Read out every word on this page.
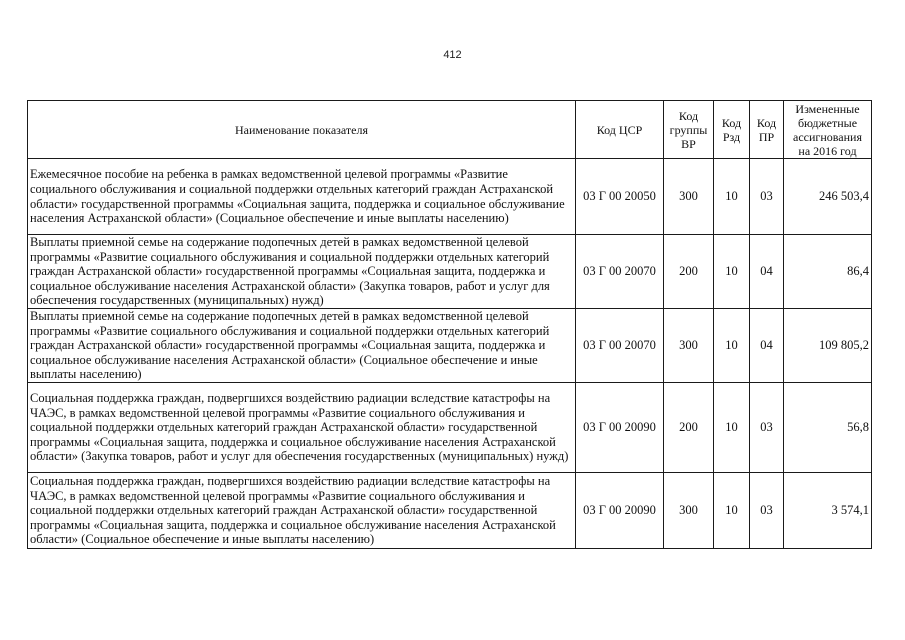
412
Наименование показателя	Код ЦСР	Код группы ВР	Код Рзд	Код ПР	Измененные бюджетные ассигнования на 2016 год
Ежемесячное пособие на ребенка в рамках ведомственной целевой программы «Развитие социального обслуживания и социальной поддержки отдельных категорий граждан Астраханской области» государственной программы «Социальная защита, поддержка и социальное обслуживание населения Астраханской области» (Социальное обеспечение и иные выплаты населению)	03 Г 00 20050	300	10	03	246 503,4
Выплаты приемной семье на содержание подопечных детей в рамках ведомственной целевой программы «Развитие социального обслуживания и социальной поддержки отдельных категорий граждан Астраханской области» государственной программы «Социальная защита, поддержка и социальное обслуживание населения Астраханской области» (Закупка товаров, работ и услуг для обеспечения государственных (муниципальных) нужд)	03 Г 00 20070	200	10	04	86,4
Выплаты приемной семье на содержание подопечных детей в рамках ведомственной целевой программы «Развитие социального обслуживания и социальной поддержки отдельных категорий граждан Астраханской области» государственной программы «Социальная защита, поддержка и социальное обслуживание населения Астраханской области» (Социальное обеспечение и иные выплаты населению)	03 Г 00 20070	300	10	04	109 805,2
Социальная поддержка граждан, подвергшихся воздействию радиации вследствие катастрофы на ЧАЭС, в рамках ведомственной целевой программы «Развитие социального обслуживания и социальной поддержки отдельных категорий граждан Астраханской области» государственной программы «Социальная защита, поддержка и социальное обслуживание населения Астраханской области» (Закупка товаров, работ и услуг для обеспечения государственных (муниципальных) нужд)	03 Г 00 20090	200	10	03	56,8
Социальная поддержка граждан, подвергшихся воздействию радиации вследствие катастрофы на ЧАЭС, в рамках ведомственной целевой программы «Развитие социального обслуживания и социальной поддержки отдельных категорий граждан Астраханской области» государственной программы «Социальная защита, поддержка и социальное обслуживание населения Астраханской области» (Социальное обеспечение и иные выплаты населению)	03 Г 00 20090	300	10	03	3 574,1
